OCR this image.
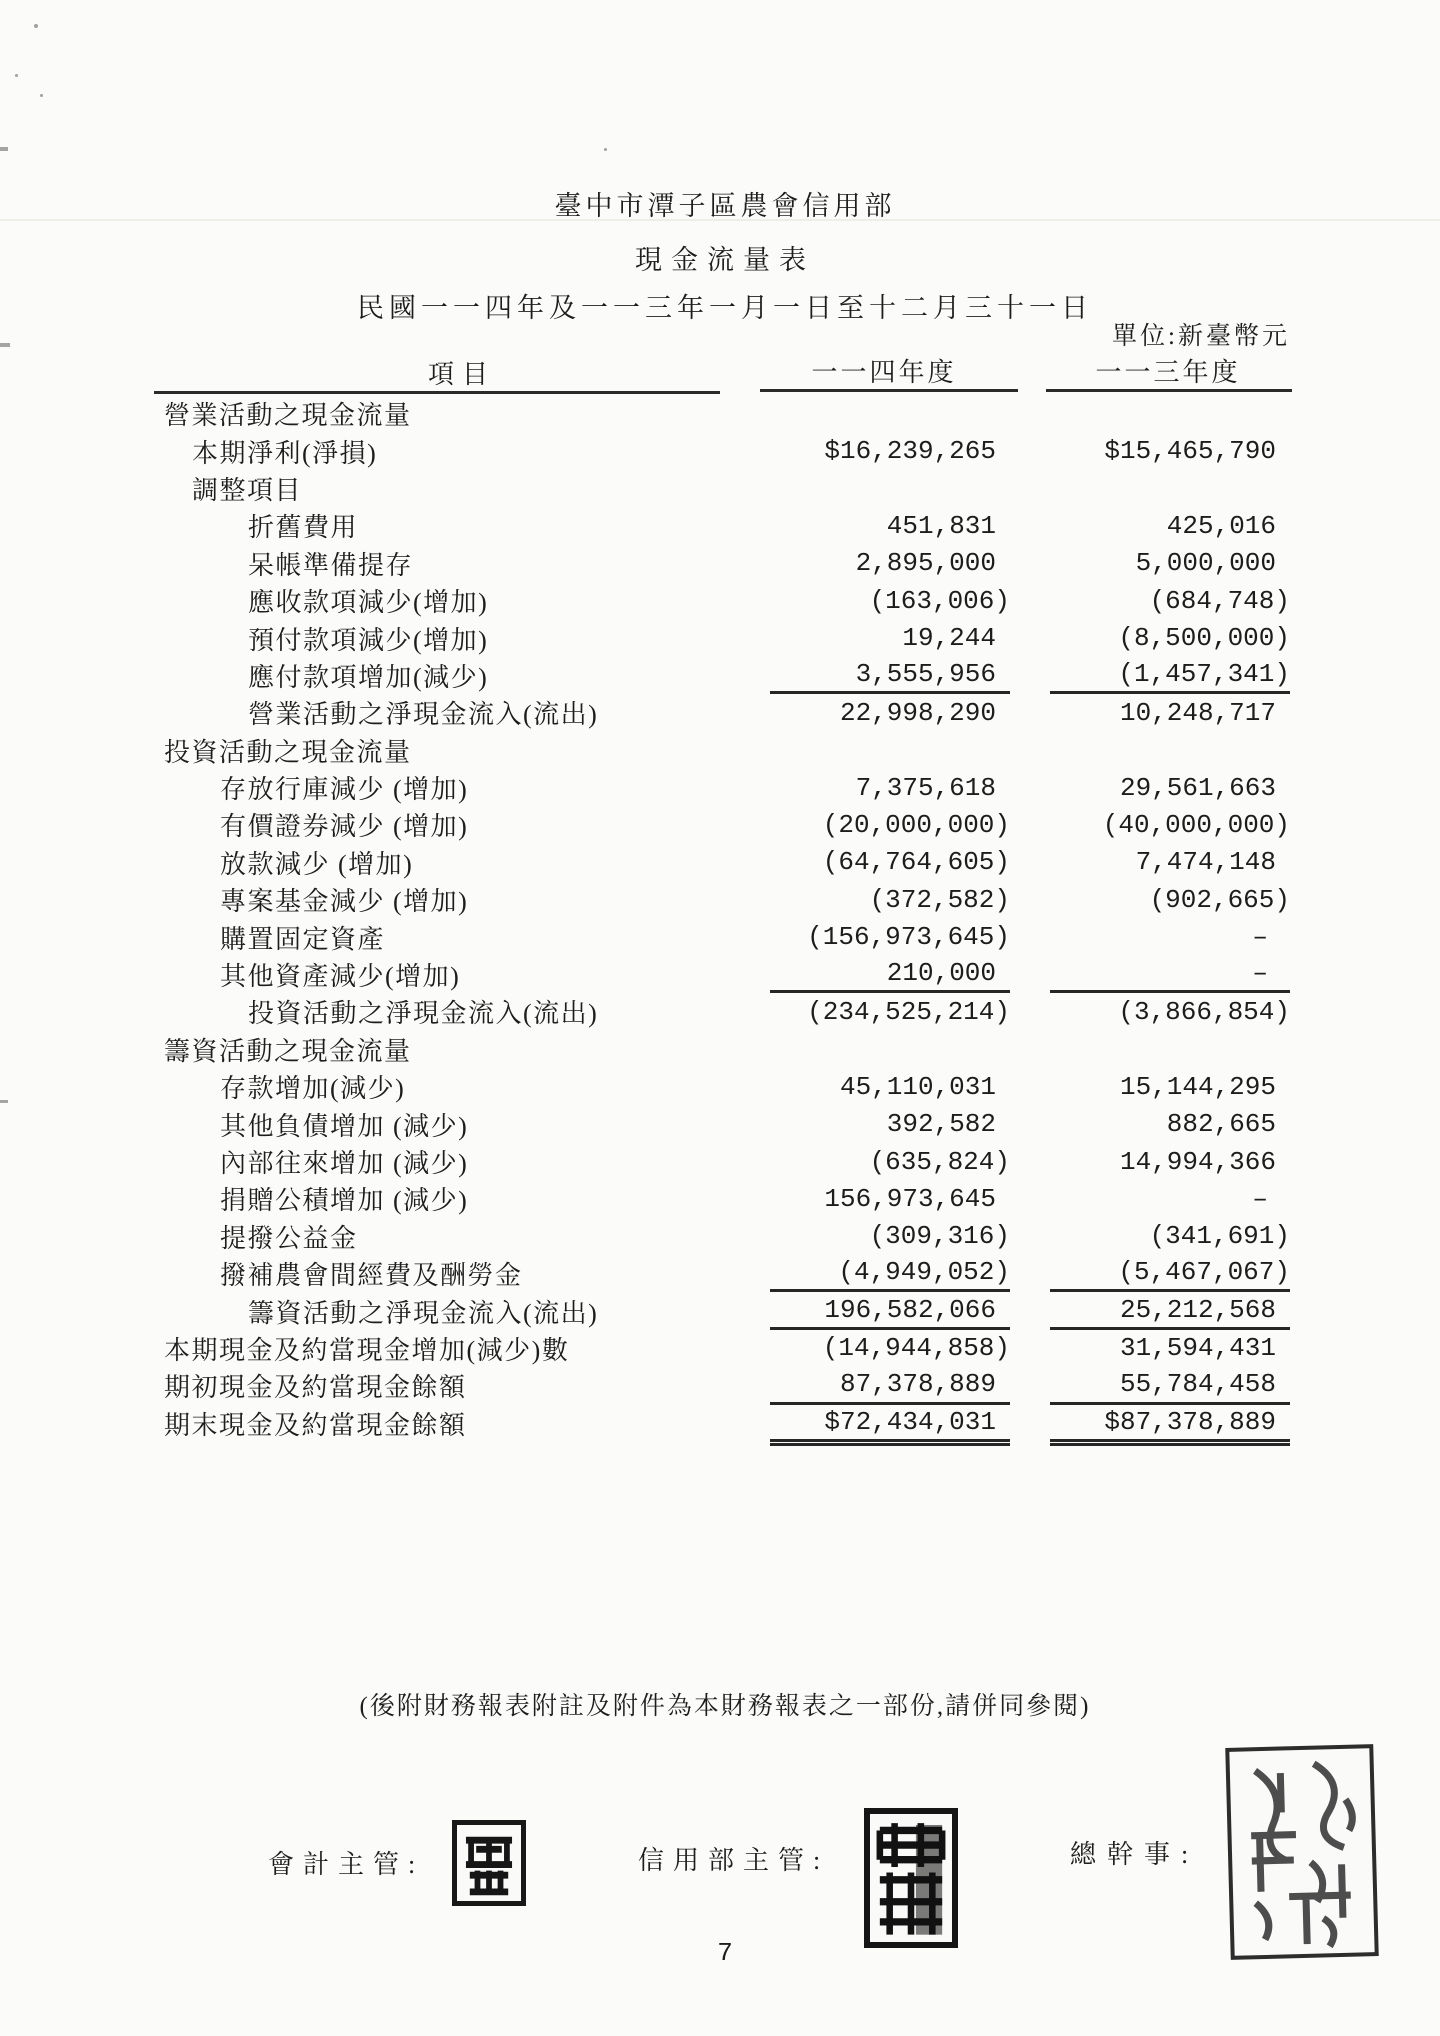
臺中市潭子區農會信用部
現金流量表
民國一一四年及一一三年一月一日至十二月三十一日
單位:新臺幣元
項目	一一四年度	一一三年度
營業活動之現金流量
本期淨利(淨損)	$16,239,265	$15,465,790
調整項目
折舊費用	451,831	425,016
呆帳準備提存	2,895,000	5,000,000
應收款項減少(增加)	(163,006)	(684,748)
預付款項減少(增加)	19,244	(8,500,000)
應付款項增加(減少)	3,555,956	(1,457,341)
營業活動之淨現金流入(流出)	22,998,290	10,248,717
投資活動之現金流量
存放行庫減少 (增加)	7,375,618	29,561,663
有價證券減少 (增加)	(20,000,000)	(40,000,000)
放款減少 (增加)	(64,764,605)	7,474,148
專案基金減少 (增加)	(372,582)	(902,665)
購置固定資產	(156,973,645)	–
其他資產減少(增加)	210,000	–
投資活動之淨現金流入(流出)	(234,525,214)	(3,866,854)
籌資活動之現金流量
存款增加(減少)	45,110,031	15,144,295
其他負債增加 (減少)	392,582	882,665
內部往來增加 (減少)	(635,824)	14,994,366
捐贈公積增加 (減少)	156,973,645	–
提撥公益金	(309,316)	(341,691)
撥補農會間經費及酬勞金	(4,949,052)	(5,467,067)
籌資活動之淨現金流入(流出)	196,582,066	25,212,568
本期現金及約當現金增加(減少)數	(14,944,858)	31,594,431
期初現金及約當現金餘額	87,378,889	55,784,458
期末現金及約當現金餘額	$72,434,031	$87,378,889
(後附財務報表附註及附件為本財務報表之一部份,請併同參閱)
7
會計主管:	信用部主管:	總幹事:
